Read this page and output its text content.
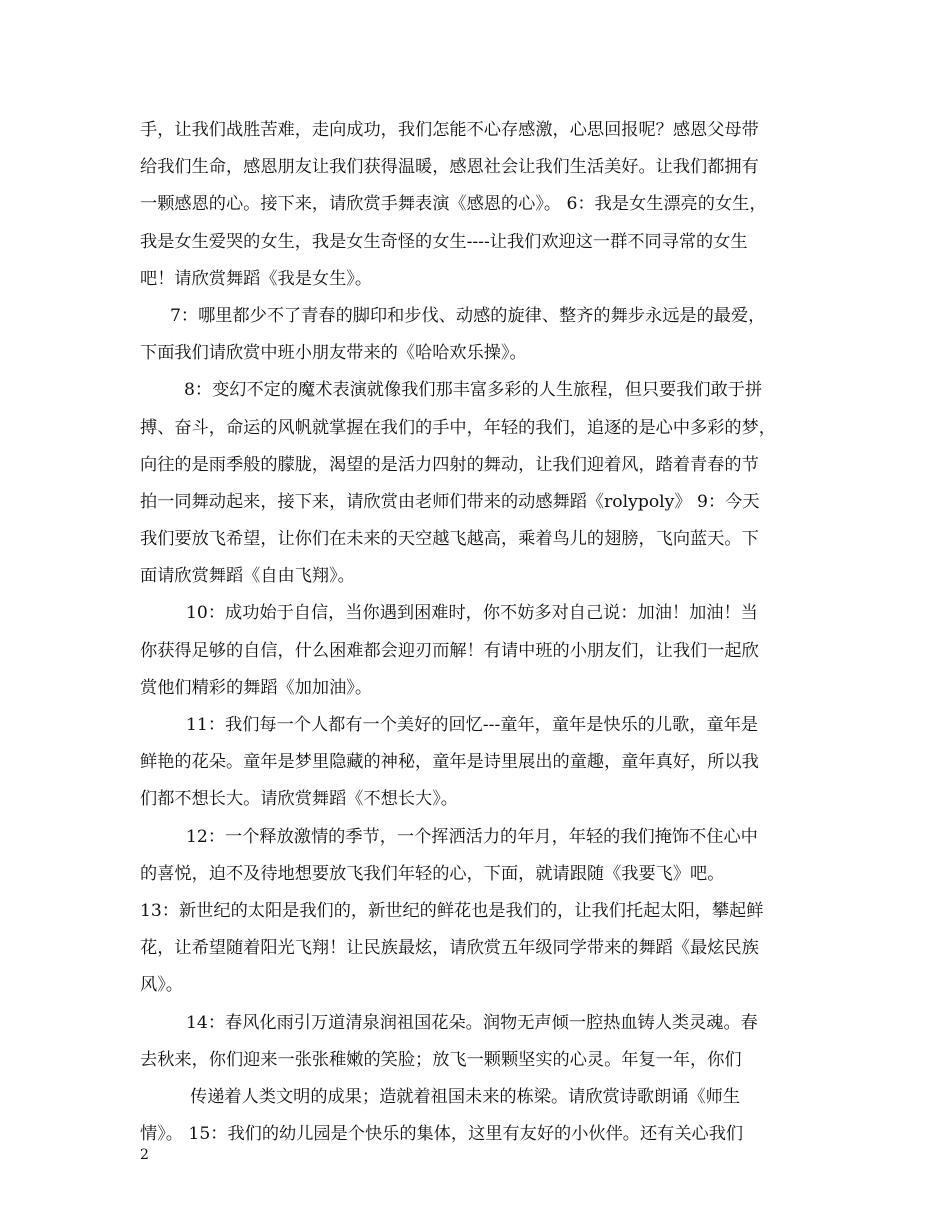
手，让我们战胜苦难，走向成功，我们怎能不心存感激，心思回报呢？感恩父母带
给我们生命，感恩朋友让我们获得温暖，感恩社会让我们生活美好。让我们都拥有
一颗感恩的心。接下来，请欣赏手舞表演《感恩的心》。 6：我是女生漂亮的女生，
我是女生爱哭的女生，我是女生奇怪的女生----让我们欢迎这一群不同寻常的女生
吧！请欣赏舞蹈《我是女生》。
7：哪里都少不了青春的脚印和步伐、动感的旋律、整齐的舞步永远是的最爱，
下面我们请欣赏中班小朋友带来的《哈哈欢乐操》。
8：变幻不定的魔术表演就像我们那丰富多彩的人生旅程，但只要我们敢于拼
搏、奋斗，命运的风帆就掌握在我们的手中，年轻的我们，追逐的是心中多彩的梦，
向往的是雨季般的朦胧，渴望的是活力四射的舞动，让我们迎着风，踏着青春的节
拍一同舞动起来，接下来，请欣赏由老师们带来的动感舞蹈《rolypoly》 9：今天
我们要放飞希望，让你们在未来的天空越飞越高，乘着鸟儿的翅膀，飞向蓝天。下
面请欣赏舞蹈《自由飞翔》。
10：成功始于自信，当你遇到困难时，你不妨多对自己说：加油！加油！当
你获得足够的自信，什么困难都会迎刃而解！有请中班的小朋友们，让我们一起欣
赏他们精彩的舞蹈《加加油》。
11：我们每一个人都有一个美好的回忆---童年，童年是快乐的儿歌，童年是
鲜艳的花朵。童年是梦里隐藏的神秘，童年是诗里展出的童趣，童年真好，所以我
们都不想长大。请欣赏舞蹈《不想长大》。
12：一个释放激情的季节，一个挥洒活力的年月，年轻的我们掩饰不住心中
的喜悦，迫不及待地想要放飞我们年轻的心，下面，就请跟随《我要飞》吧。
13：新世纪的太阳是我们的，新世纪的鲜花也是我们的，让我们托起太阳，攀起鲜
花，让希望随着阳光飞翔！让民族最炫，请欣赏五年级同学带来的舞蹈《最炫民族
风》。
14：春风化雨引万道清泉润祖国花朵。润物无声倾一腔热血铸人类灵魂。春
去秋来，你们迎来一张张稚嫩的笑脸；放飞一颗颗坚实的心灵。年复一年，你们
传递着人类文明的成果；造就着祖国未来的栋梁。请欣赏诗歌朗诵《师生
情》。 15：我们的幼儿园是个快乐的集体，这里有友好的小伙伴。还有关心我们
2
